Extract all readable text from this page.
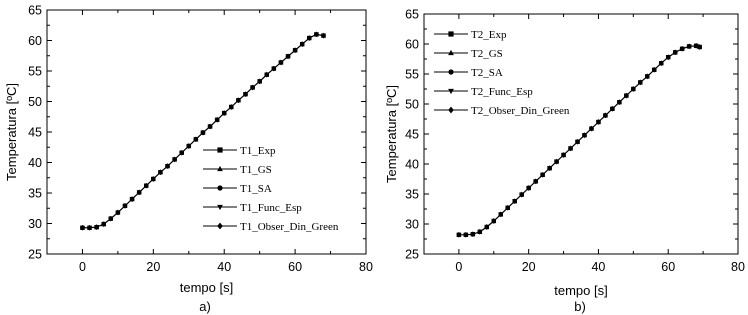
0	20	40	60	80
25
30
35
40
45
50
55
60
65
tempo [s]
Temperatura [ºC]
a)
T1_Exp
T1_GS
T1_SA
T1_Func_Esp
T1_Obser_Din_Green
0	20	40	60	80
25
30
35
40
45
50
55
60
65
tempo [s]
Temperatura [ºC]
b)
T2_Exp
T2_GS
T2_SA
T2_Func_Esp
T2_Obser_Din_Green
